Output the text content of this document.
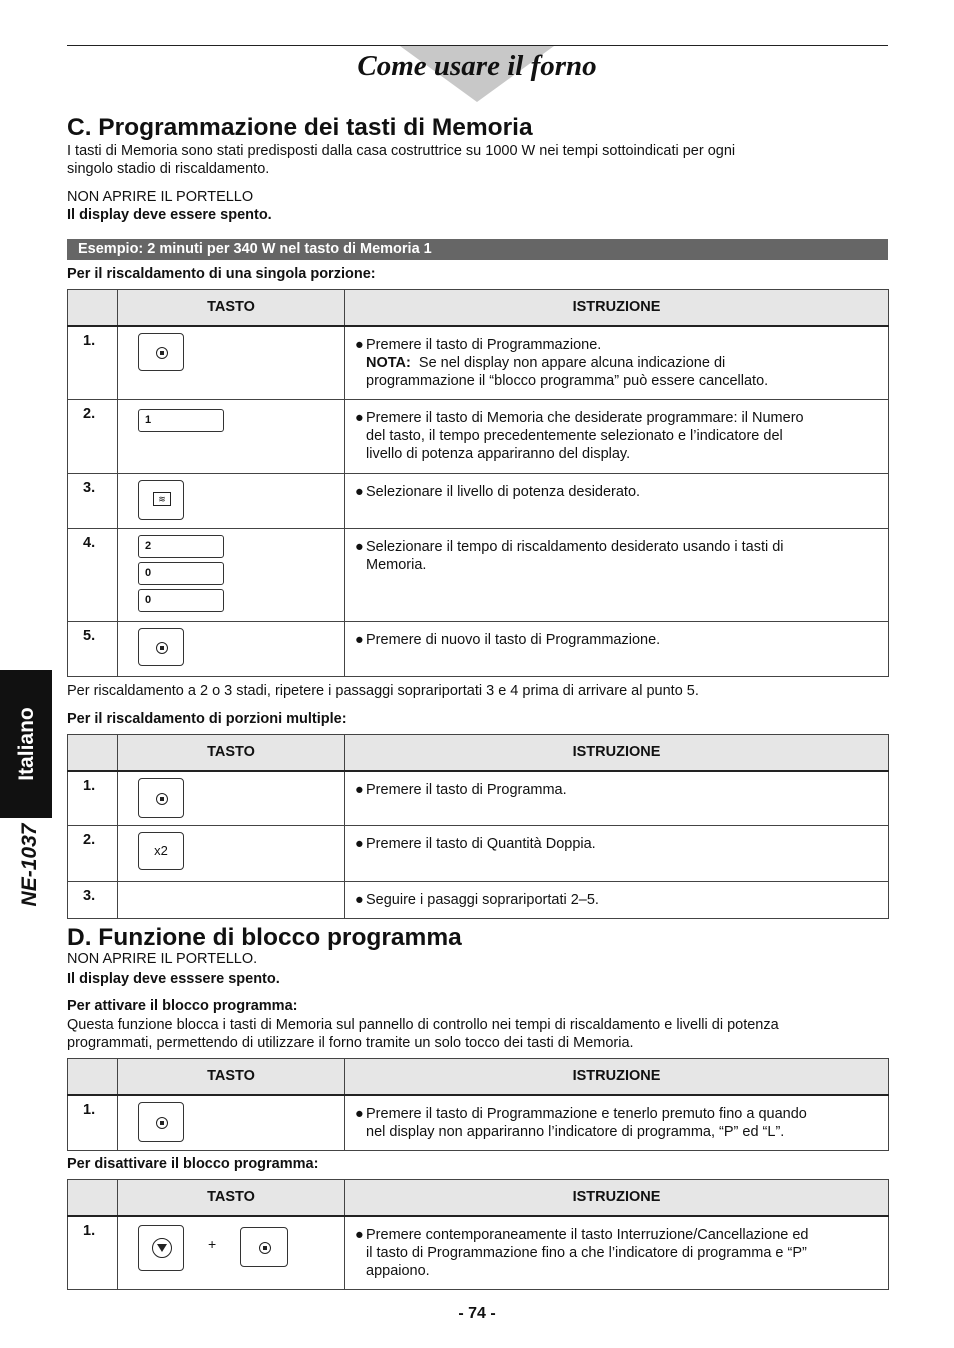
Come usare il forno
Italiano
NE-1037
C. Programmazione dei tasti di Memoria

I tasti di Memoria sono stati predisposti dalla casa costruttrice su 1000 W nei tempi sottoindicati per ogni

singolo stadio di riscaldamento.

NON APRIRE IL PORTELLO

Il display deve essere spento.

Esempio: 2 minuti per 340 W nel tasto di Memoria 1

Per il riscaldamento di una singola porzione:

	TASTO	ISTRUZIONE
1.		● Premere il tasto di Programmazione.
NOTA:  Se nel display non appare alcuna indicazione di
programmazione il “blocco programma” può essere cancellato.

2.	1	● Premere il tasto di Memoria che desiderate programmare: il Numero
del tasto, il tempo precedentemente selezionato e l’indicatore del
livello di potenza appariranno del display.

3.	≋	● Selezionare il livello di potenza desiderato.

4.	2
0
0	● Selezionare il tempo di riscaldamento desiderato usando i tasti di
Memoria.

5.		● Premere di nuovo il tasto di Programmazione.

Per riscaldamento a 2 o 3 stadi, ripetere i passaggi soprariportati 3 e 4 prima di arrivare al punto 5.

Per il riscaldamento di porzioni multiple:

	TASTO	ISTRUZIONE
1.		● Premere il tasto di Programma.

2.	x2	● Premere il tasto di Quantità Doppia.

3.		● Seguire i pasaggi soprariportati 2–5.
D. Funzione di blocco programma

NON APRIRE IL PORTELLO.

Il display deve esssere spento.

Per attivare il blocco programma:

Questa funzione blocca i tasti di Memoria sul pannello di controllo nei tempi di riscaldamento e livelli di potenza

programmati, permettendo di utilizzare il forno tramite un solo tocco dei tasti di Memoria.

	TASTO	ISTRUZIONE
1.		● Premere il tasto di Programmazione e tenerlo premuto fino a quando
nel display non appariranno l’indicatore di programma, “P” ed “L”.

Per disattivare il blocco programma:

	TASTO	ISTRUZIONE
1.	+	● Premere contemporaneamente il tasto Interruzione/Cancellazione ed
il tasto di Programmazione fino a che l’indicatore di programma e “P”
appaiono.
- 74 -
